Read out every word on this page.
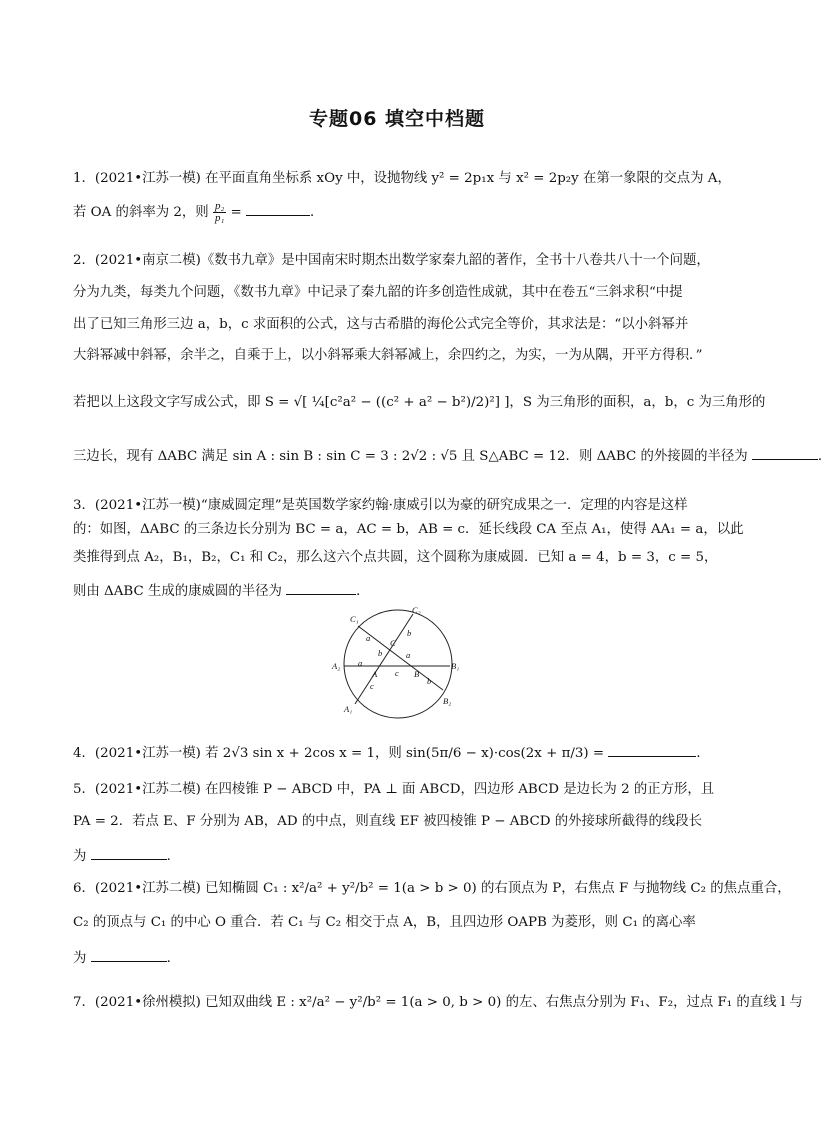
专题06 填空中档题
1．(2021•江苏一模) 在平面直角坐标系 xOy 中，设抛物线 y² = 2p₁x 与 x² = 2p₂y 在第一象限的交点为 A，
若 OA 的斜率为 2，则 $\frac{\text{p₂}}{\text{p₁}}$ =	．
2．(2021•南京二模)《数书九章》是中国南宋时期杰出数学家秦九韶的著作，全书十八卷共八十一个问题，
分为九类，每类九个问题，《数书九章》中记录了秦九韶的许多创造性成就，其中在卷五“三斜求积“中提
出了已知三角形三边 a，b，c 求面积的公式，这与古希腊的海伦公式完全等价，其求法是：“以小斜幂并
大斜幂减中斜幂，余半之，自乘于上，以小斜幂乘大斜幂减上，余四约之，为实，一为从隅，开平方得积．”
若把以上这段文字写成公式，即 S = √[ ¼[c²a² − ((c² + a² − b²)/2)²] ]，S 为三角形的面积，a，b，c 为三角形的
三边长，现有 ΔABC 满足 sin A : sin B : sin C = 3 : 2√2 : √5 且 S△ABC = 12．则 ΔABC 的外接圆的半径为	．
3．(2021•江苏一模)“康威圆定理”是英国数学家约翰·康威引以为豪的研究成果之一．定理的内容是这样
的：如图，ΔABC 的三条边长分别为 BC = a，AC = b，AB = c．延长线段 CA 至点 A₁，使得 AA₁ = a，以此
类推得到点 A₂，B₁，B₂，C₁ 和 C₂，那么这六个点共圆，这个圆称为康威圆．已知 a = 4，b = 3，c = 5，
则由 ΔABC 生成的康威圆的半径为	．
C₁
C₂
A₂	B₁
A₁
B₂
C
A	B
a	b
b	a
a
c
c	b
4．(2021•江苏一模) 若 2√3 sin x + 2cos x = 1，则 sin(5π/6 − x)·cos(2x + π/3) =	．
5．(2021•江苏二模) 在四棱锥 P − ABCD 中，PA ⊥ 面 ABCD，四边形 ABCD 是边长为 2 的正方形，且
PA = 2．若点 E、F 分别为 AB，AD 的中点，则直线 EF 被四棱锥 P − ABCD 的外接球所截得的线段长
为	．
6．(2021•江苏二模) 已知椭圆 C₁ : x²/a² + y²/b² = 1(a > b > 0) 的右顶点为 P，右焦点 F 与抛物线 C₂ 的焦点重合，
C₂ 的顶点与 C₁ 的中心 O 重合．若 C₁ 与 C₂ 相交于点 A，B，且四边形 OAPB 为菱形，则 C₁ 的离心率
为	．
7．(2021•徐州模拟) 已知双曲线 E : x²/a² − y²/b² = 1(a > 0, b > 0) 的左、右焦点分别为 F₁、F₂，过点 F₁ 的直线 l 与
